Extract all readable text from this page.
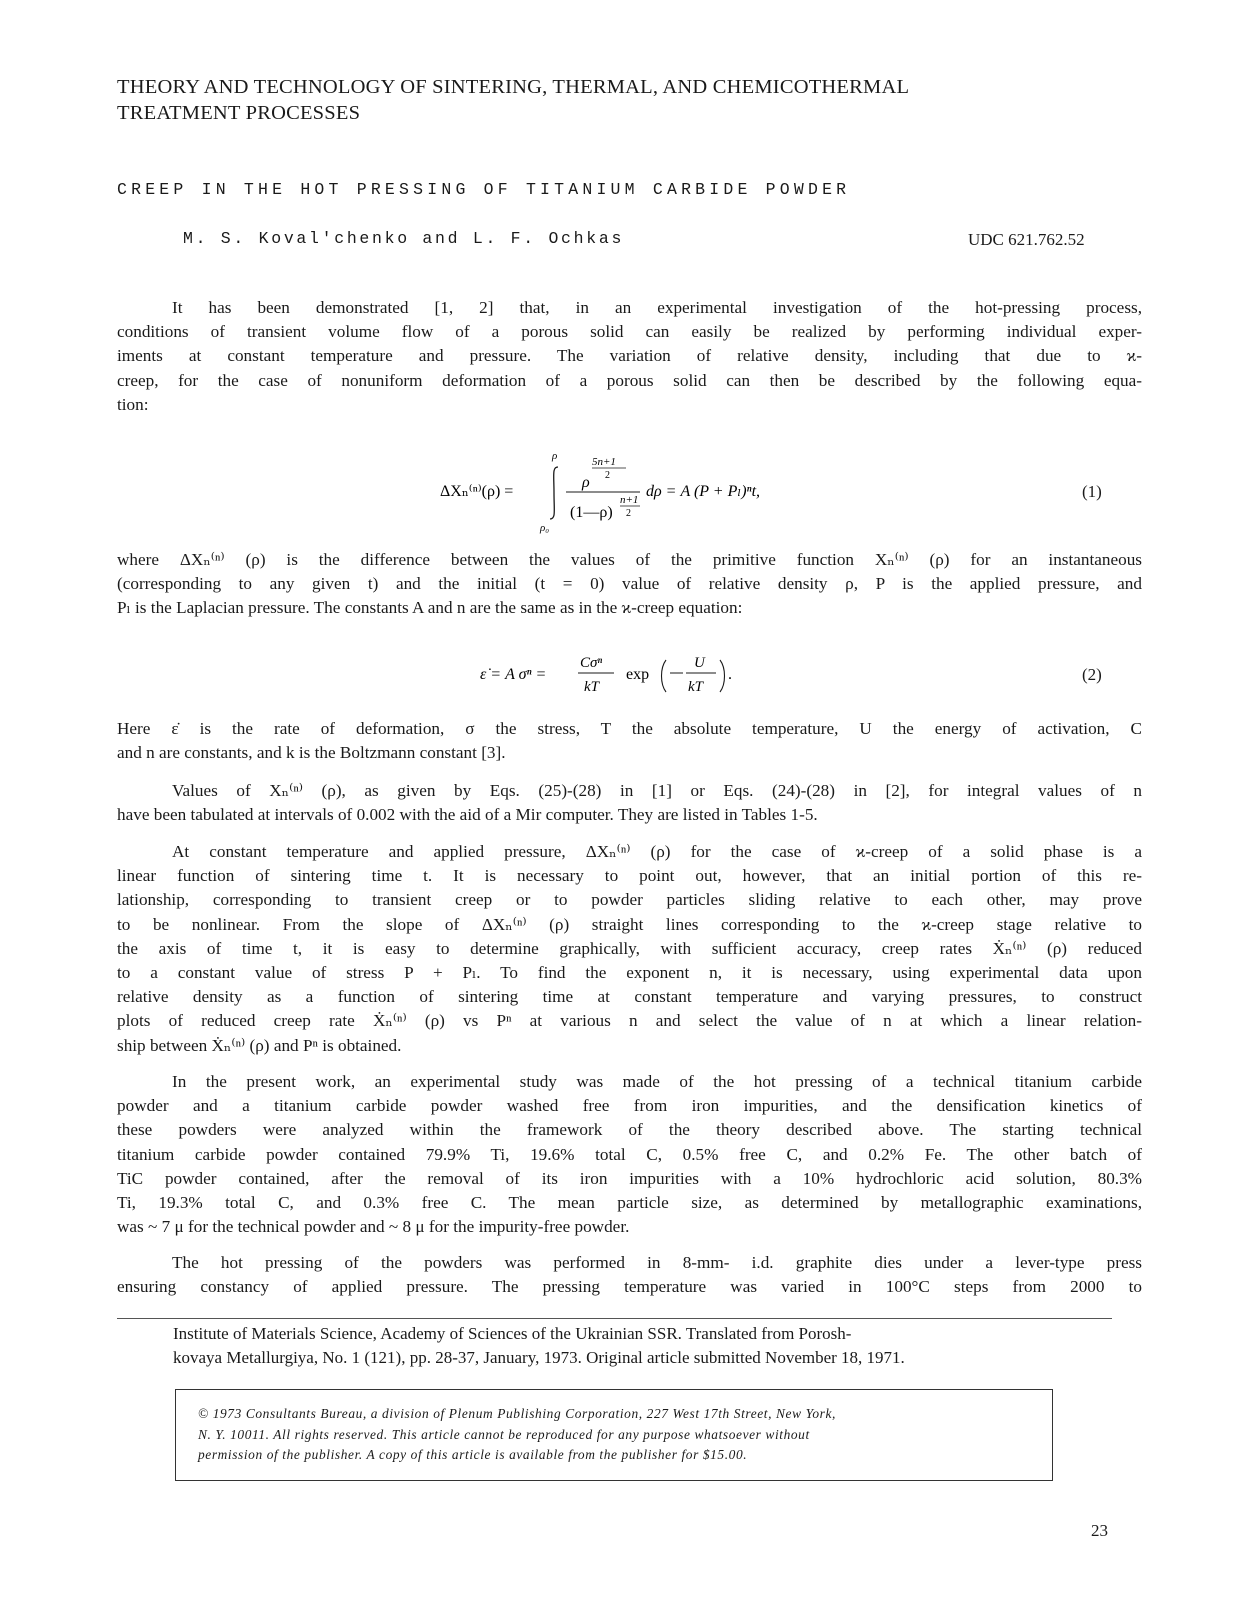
THEORY AND TECHNOLOGY OF SINTERING, THERMAL, AND CHEMICOTHERMAL
TREATMENT PROCESSES
CREEP IN THE HOT PRESSING OF TITANIUM CARBIDE POWDER
M. S. Koval'chenko and L. F. Ochkas	UDC 621.762.52
It has been demonstrated [1, 2] that, in an experimental investigation of the hot-pressing process,
conditions of transient volume flow of a porous solid can easily be realized by performing individual exper-
iments at constant temperature and pressure. The variation of relative density, including that due to ϰ-
creep, for the case of nonuniform deformation of a porous solid can then be described by the following equa-
tion:
ΔXₙ⁽ⁿ⁾(ρ) =
ρ
ρ₀
5n+1
2
ρ
n+1
2
(1—ρ)
dρ = A (P + Pₗ)ⁿt,	(1)
where ΔXₙ⁽ⁿ⁾ (ρ) is the difference between the values of the primitive function Xₙ⁽ⁿ⁾ (ρ) for an instantaneous
(corresponding to any given t) and the initial (t = 0) value of relative density ρ, P is the applied pressure, and
Pₗ is the Laplacian pressure. The constants A and n are the same as in the ϰ-creep equation:
ε̇ = A σⁿ =
Cσⁿ
kT
exp
U
kT
.	(2)
Here ε̇ is the rate of deformation, σ the stress, T the absolute temperature, U the energy of activation, C
and n are constants, and k is the Boltzmann constant [3].
Values of Xₙ⁽ⁿ⁾ (ρ), as given by Eqs. (25)-(28) in [1] or Eqs. (24)-(28) in [2], for integral values of n
have been tabulated at intervals of 0.002 with the aid of a Mir computer. They are listed in Tables 1-5.
At constant temperature and applied pressure, ΔXₙ⁽ⁿ⁾ (ρ) for the case of ϰ-creep of a solid phase is a
linear function of sintering time t. It is necessary to point out, however, that an initial portion of this re-
lationship, corresponding to transient creep or to powder particles sliding relative to each other, may prove
to be nonlinear. From the slope of ΔXₙ⁽ⁿ⁾ (ρ) straight lines corresponding to the ϰ-creep stage relative to
the axis of time t, it is easy to determine graphically, with sufficient accuracy, creep rates Ẋₙ⁽ⁿ⁾ (ρ) reduced
to a constant value of stress P + Pₗ. To find the exponent n, it is necessary, using experimental data upon
relative density as a function of sintering time at constant temperature and varying pressures, to construct
plots of reduced creep rate Ẋₙ⁽ⁿ⁾ (ρ) vs Pⁿ at various n and select the value of n at which a linear relation-
ship between Ẋₙ⁽ⁿ⁾ (ρ) and Pⁿ is obtained.
In the present work, an experimental study was made of the hot pressing of a technical titanium carbide
powder and a titanium carbide powder washed free from iron impurities, and the densification kinetics of
these powders were analyzed within the framework of the theory described above. The starting technical
titanium carbide powder contained 79.9% Ti, 19.6% total C, 0.5% free C, and 0.2% Fe. The other batch of
TiC powder contained, after the removal of its iron impurities with a 10% hydrochloric acid solution, 80.3%
Ti, 19.3% total C, and 0.3% free C. The mean particle size, as determined by metallographic examinations,
was ~ 7 μ for the technical powder and ~ 8 μ for the impurity-free powder.
The hot pressing of the powders was performed in 8-mm- i.d. graphite dies under a lever-type press
ensuring constancy of applied pressure. The pressing temperature was varied in 100°C steps from 2000 to
Institute of Materials Science, Academy of Sciences of the Ukrainian SSR. Translated from Porosh-
kovaya Metallurgiya, No. 1 (121), pp. 28-37, January, 1973. Original article submitted November 18, 1971.
© 1973 Consultants Bureau, a division of Plenum Publishing Corporation, 227 West 17th Street, New York,
N. Y. 10011. All rights reserved. This article cannot be reproduced for any purpose whatsoever without
permission of the publisher. A copy of this article is available from the publisher for $15.00.
23
